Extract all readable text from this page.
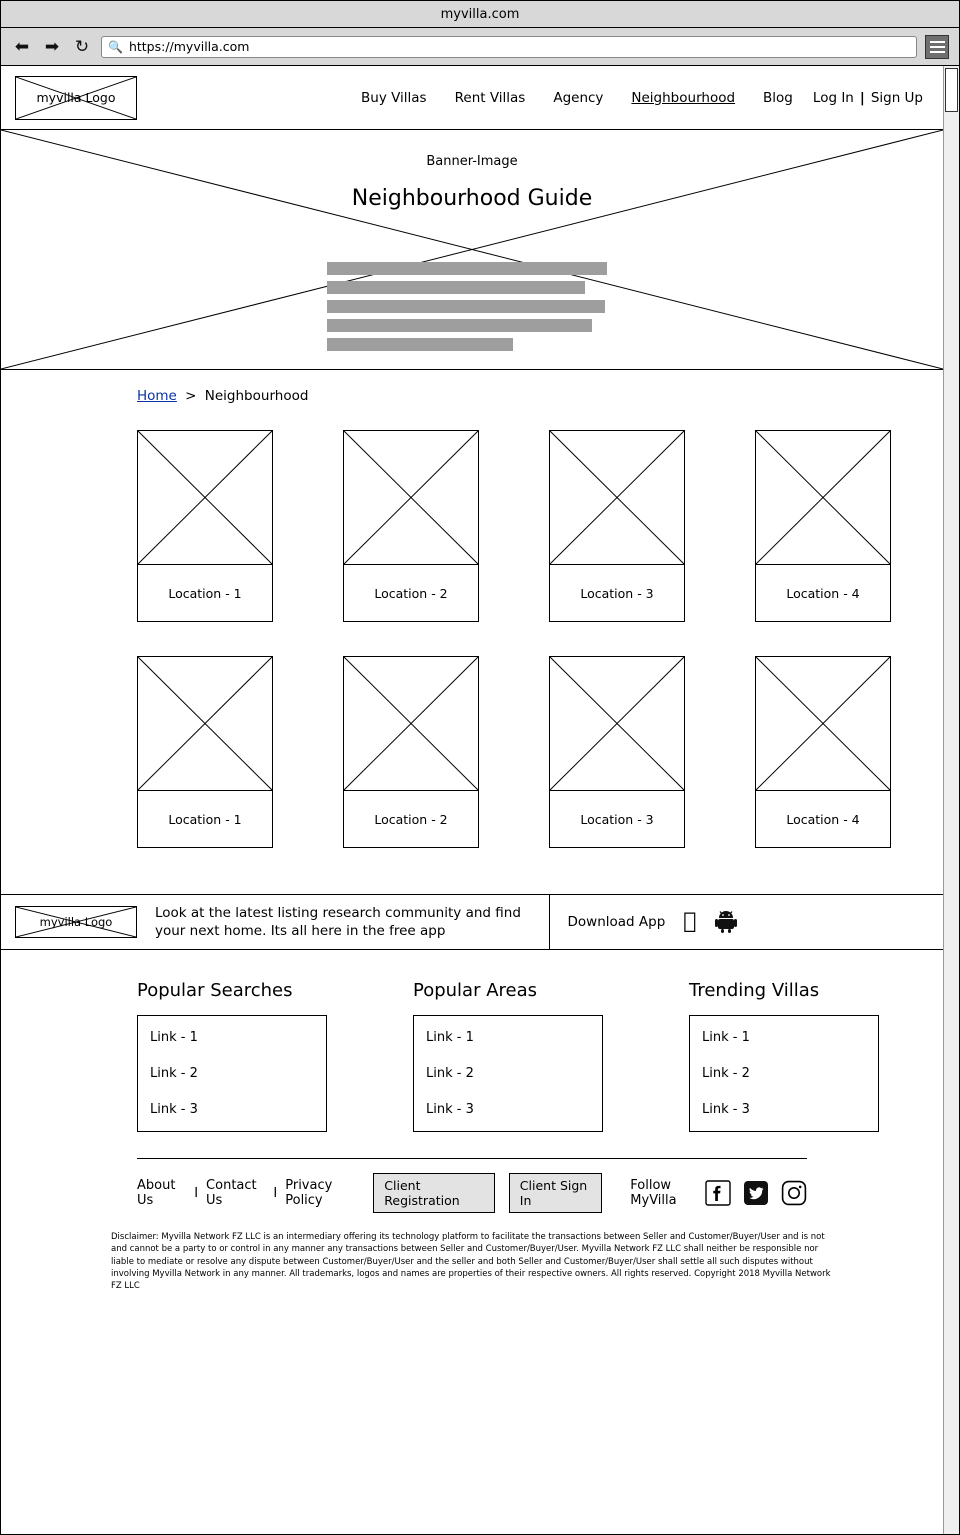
myvilla.com
⬅ ➡ ↻	🔍 https://myvilla.com
myvilla Logo	Buy Villas Rent Villas Agency Neighbourhood Blog Log In | Sign Up
Banner-Image
Neighbourhood Guide
Home > Neighbourhood
Location - 1	Location - 2	Location - 3	Location - 4
Location - 1	Location - 2	Location - 3	Location - 4
myvilla Logo
Look at the latest listing research community and find your next home. Its all here in the free app
Download App
Popular Searches
Link - 1
Link - 2
Link - 3
Popular Areas
Link - 1
Link - 2
Link - 3
Trending Villas
Link - 1
Link - 2
Link - 3
About Us	I Contact Us	I Privacy Policy
Client Registration
Client Sign In
Follow MyVilla
Disclaimer: Myvilla Network FZ LLC is an intermediary offering its technology platform to facilitate the transactions between Seller and Customer/Buyer/User and is not and cannot be a party to or control in any manner any transactions between Seller and Customer/Buyer/User. Myvilla Network FZ LLC shall neither be responsible nor liable to mediate or resolve any dispute between Customer/Buyer/User and the seller and both Seller and Customer/Buyer/User shall settle all such disputes without involving Myvilla Network in any manner. All trademarks, logos and names are properties of their respective owners. All rights reserved. Copyright 2018 Myvilla Network FZ LLC
